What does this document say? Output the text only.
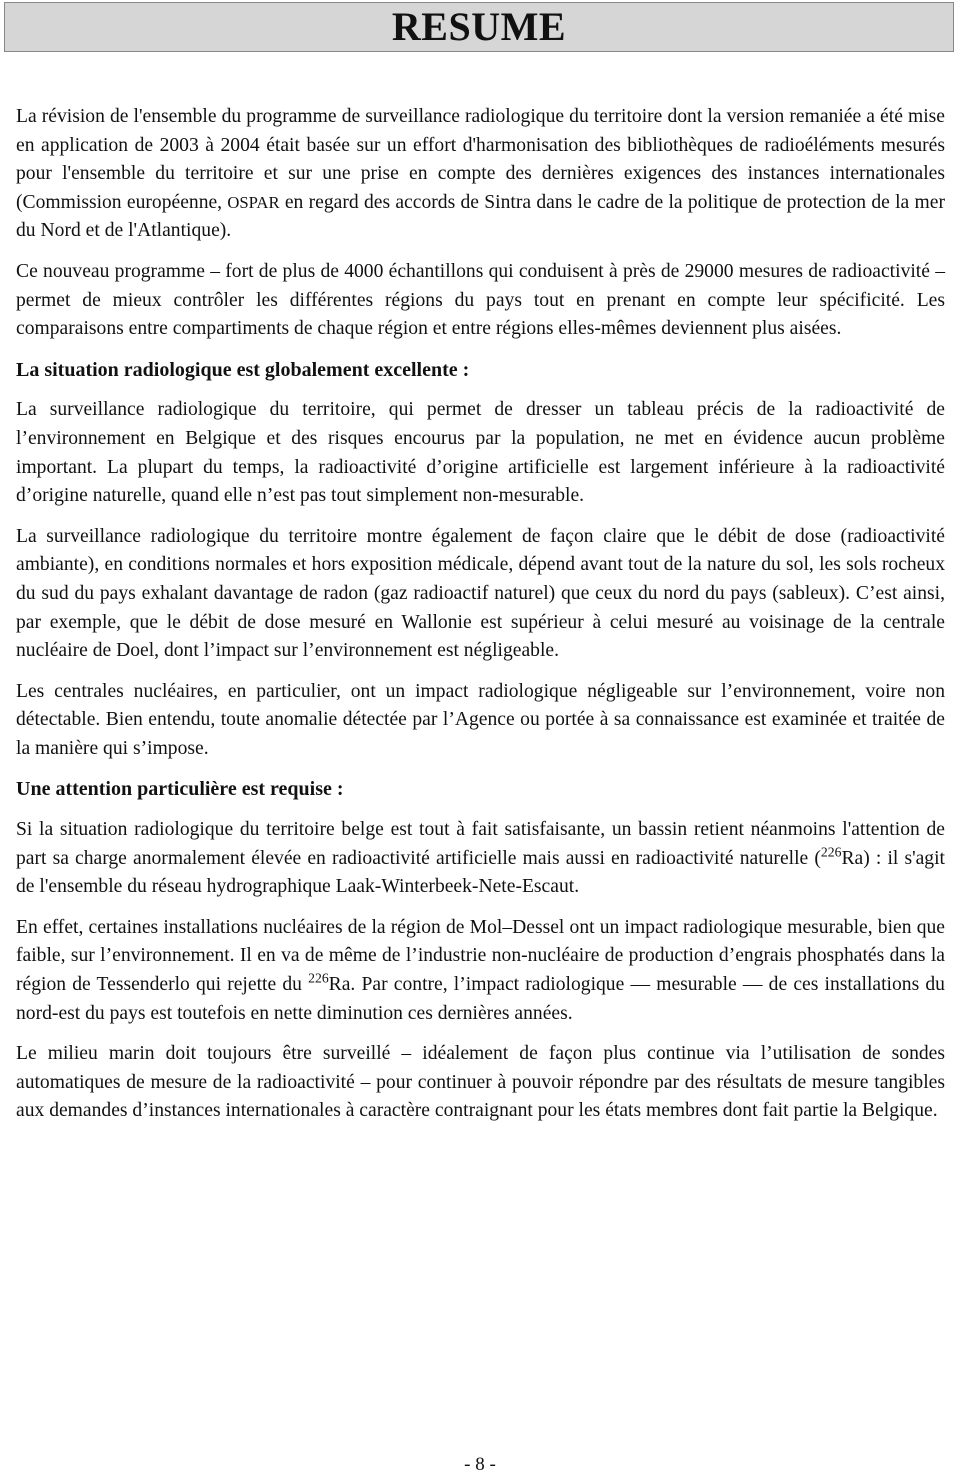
RESUME

La révision de l'ensemble du programme de surveillance radiologique du territoire dont la version remaniée a été mise en application de 2003 à 2004 était basée sur un effort d'harmonisation des bibliothèques de radioéléments mesurés pour l'ensemble du territoire et sur une prise en compte des dernières exigences des instances internationales (Commission européenne, OSPAR en regard des accords de Sintra dans le cadre de la politique de protection de la mer du Nord et de l'Atlantique).

Ce nouveau programme – fort de plus de 4000 échantillons qui conduisent à près de 29000 mesures de radioactivité – permet de mieux contrôler les différentes régions du pays tout en prenant en compte leur spécificité. Les comparaisons entre compartiments de chaque région et entre régions elles-mêmes deviennent plus aisées.

La situation radiologique est globalement excellente :

La surveillance radiologique du territoire, qui permet de dresser un tableau précis de la radioactivité de l’environnement en Belgique et des risques encourus par la population, ne met en évidence aucun problème important. La plupart du temps, la radioactivité d’origine artificielle est largement inférieure à la radioactivité d’origine naturelle, quand elle n’est pas tout simplement non-mesurable.

La surveillance radiologique du territoire montre également de façon claire que le débit de dose (radioactivité ambiante), en conditions normales et hors exposition médicale, dépend avant tout de la nature du sol, les sols rocheux du sud du pays exhalant davantage de radon (gaz radioactif naturel) que ceux du nord du pays (sableux). C’est ainsi, par exemple, que le débit de dose mesuré en Wallonie est supérieur à celui mesuré au voisinage de la centrale nucléaire de Doel, dont l’impact sur l’environnement est négligeable.

Les centrales nucléaires, en particulier, ont un impact radiologique négligeable sur l’environnement, voire non détectable. Bien entendu, toute anomalie détectée par l’Agence ou portée à sa connaissance est examinée et traitée de la manière qui s’impose.

Une attention particulière est requise :

Si la situation radiologique du territoire belge est tout à fait satisfaisante, un bassin retient néanmoins l'attention de part sa charge anormalement élevée en radioactivité artificielle mais aussi en radioactivité naturelle ($^{226}$Ra) : il s'agit de l'ensemble du réseau hydrographique Laak-Winterbeek-Nete-Escaut.

En effet, certaines installations nucléaires de la région de Mol–Dessel ont un impact radiologique mesurable, bien que faible, sur l’environnement. Il en va de même de l’industrie non-nucléaire de production d’engrais phosphatés dans la région de Tessenderlo qui rejette du $^{226}$Ra. Par contre, l’impact radiologique — mesurable — de ces installations du nord-est du pays est toutefois en nette diminution ces dernières années.

Le milieu marin doit toujours être surveillé – idéalement de façon plus continue via l’utilisation de sondes automatiques de mesure de la radioactivité – pour continuer à pouvoir répondre par des résultats de mesure tangibles aux demandes d’instances internationales à caractère contraignant pour les états membres dont fait partie la Belgique.

- 8 -
